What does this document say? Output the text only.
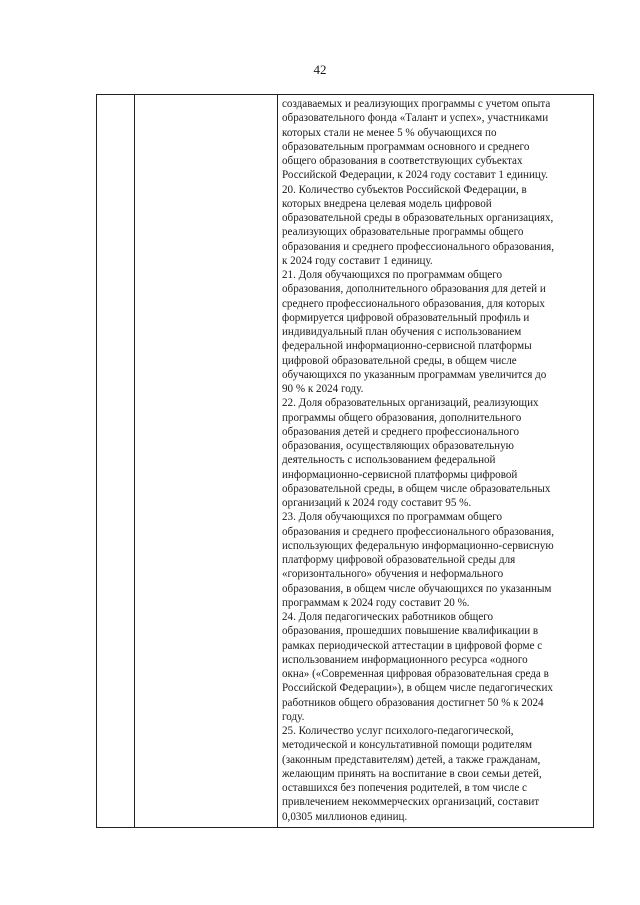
42
создаваемых и реализующих программы с учетом опыта
образовательного фонда «Талант и успех», участниками
которых стали не менее 5 % обучающихся по
образовательным программам основного и среднего
общего образования в соответствующих субъектах
Российской Федерации, к 2024 году составит 1 единицу.
20. Количество субъектов Российской Федерации, в
которых внедрена целевая модель цифровой
образовательной среды в образовательных организациях,
реализующих образовательные программы общего
образования и среднего профессионального образования,
к 2024 году составит 1 единицу.
21. Доля обучающихся по программам общего
образования, дополнительного образования для детей и
среднего профессионального образования, для которых
формируется цифровой образовательный профиль и
индивидуальный план обучения с использованием
федеральной информационно-сервисной платформы
цифровой образовательной среды, в общем числе
обучающихся по указанным программам увеличится до
90 % к 2024 году.
22. Доля образовательных организаций, реализующих
программы общего образования, дополнительного
образования детей и среднего профессионального
образования, осуществляющих образовательную
деятельность с использованием федеральной
информационно-сервисной платформы цифровой
образовательной среды, в общем числе образовательных
организаций к 2024 году составит 95 %.
23. Доля обучающихся по программам общего
образования и среднего профессионального образования,
использующих федеральную информационно-сервисную
платформу цифровой образовательной среды для
«горизонтального» обучения и неформального
образования, в общем числе обучающихся по указанным
программам к 2024 году составит 20 %.
24. Доля педагогических работников общего
образования, прошедших повышение квалификации в
рамках периодической аттестации в цифровой форме с
использованием информационного ресурса «одного
окна» («Современная цифровая образовательная среда в
Российской Федерации»), в общем числе педагогических
работников общего образования достигнет 50 % к 2024
году.
25. Количество услуг психолого-педагогической,
методической и консультативной помощи родителям
(законным представителям) детей, а также гражданам,
желающим принять на воспитание в свои семьи детей,
оставшихся без попечения родителей, в том числе с
привлечением некоммерческих организаций, составит
0,0305 миллионов единиц.
